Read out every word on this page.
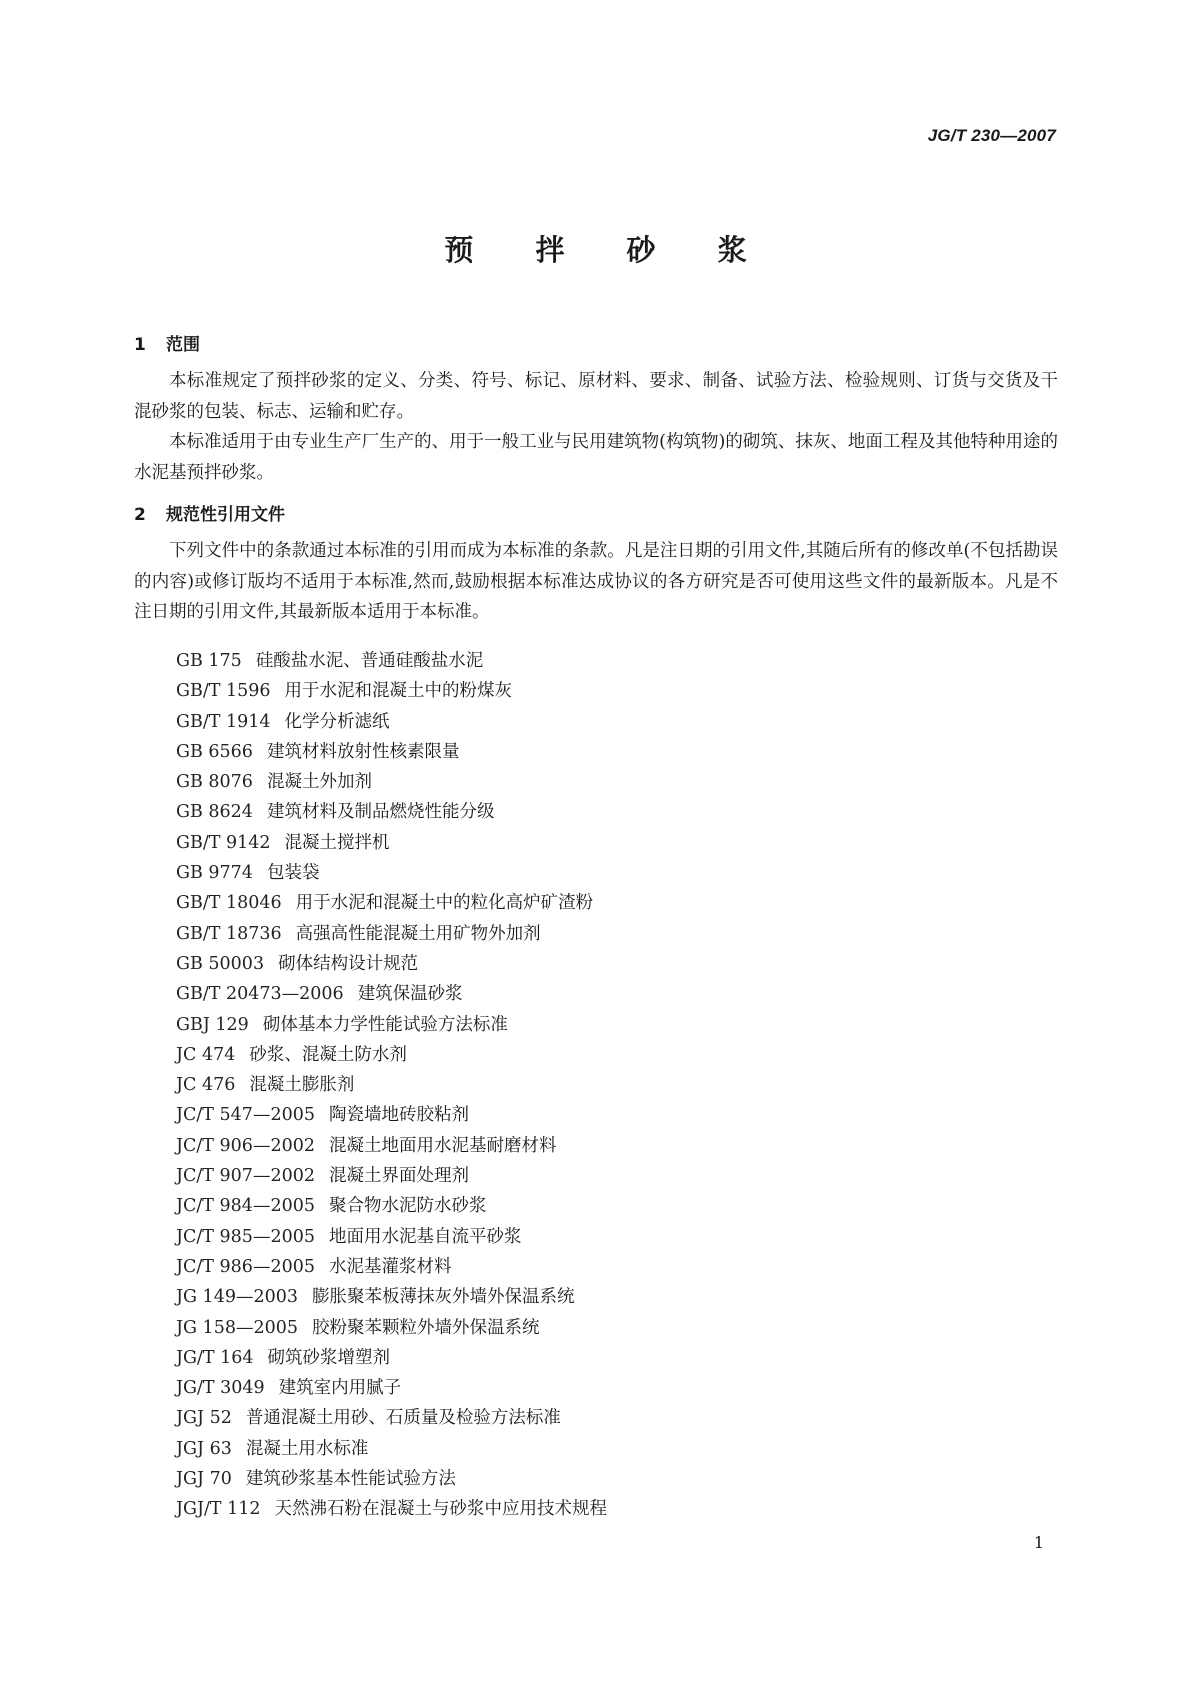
JG/T 230—2007
预 拌 砂 浆
1 范围

本标准规定了预拌砂浆的定义、分类、符号、标记、原材料、要求、制备、试验方法、检验规则、订货与交货及干混砂浆的包装、标志、运输和贮存。

本标准适用于由专业生产厂生产的、用于一般工业与民用建筑物(构筑物)的砌筑、抹灰、地面工程及其他特种用途的水泥基预拌砂浆。

2 规范性引用文件

下列文件中的条款通过本标准的引用而成为本标准的条款。凡是注日期的引用文件,其随后所有的修改单(不包括勘误的内容)或修订版均不适用于本标准,然而,鼓励根据本标准达成协议的各方研究是否可使用这些文件的最新版本。凡是不注日期的引用文件,其最新版本适用于本标准。

GB 175 硅酸盐水泥、普通硅酸盐水泥
GB/T 1596 用于水泥和混凝土中的粉煤灰
GB/T 1914 化学分析滤纸
GB 6566 建筑材料放射性核素限量
GB 8076 混凝土外加剂
GB 8624 建筑材料及制品燃烧性能分级
GB/T 9142 混凝土搅拌机
GB 9774 包装袋
GB/T 18046 用于水泥和混凝土中的粒化高炉矿渣粉
GB/T 18736 高强高性能混凝土用矿物外加剂
GB 50003 砌体结构设计规范
GB/T 20473—2006 建筑保温砂浆
GBJ 129 砌体基本力学性能试验方法标准
JC 474 砂浆、混凝土防水剂
JC 476 混凝土膨胀剂
JC/T 547—2005 陶瓷墙地砖胶粘剂
JC/T 906—2002 混凝土地面用水泥基耐磨材料
JC/T 907—2002 混凝土界面处理剂
JC/T 984—2005 聚合物水泥防水砂浆
JC/T 985—2005 地面用水泥基自流平砂浆
JC/T 986—2005 水泥基灌浆材料
JG 149—2003 膨胀聚苯板薄抹灰外墙外保温系统
JG 158—2005 胶粉聚苯颗粒外墙外保温系统
JG/T 164 砌筑砂浆增塑剂
JG/T 3049 建筑室内用腻子
JGJ 52 普通混凝土用砂、石质量及检验方法标准
JGJ 63 混凝土用水标准
JGJ 70 建筑砂浆基本性能试验方法
JGJ/T 112 天然沸石粉在混凝土与砂浆中应用技术规程
1
